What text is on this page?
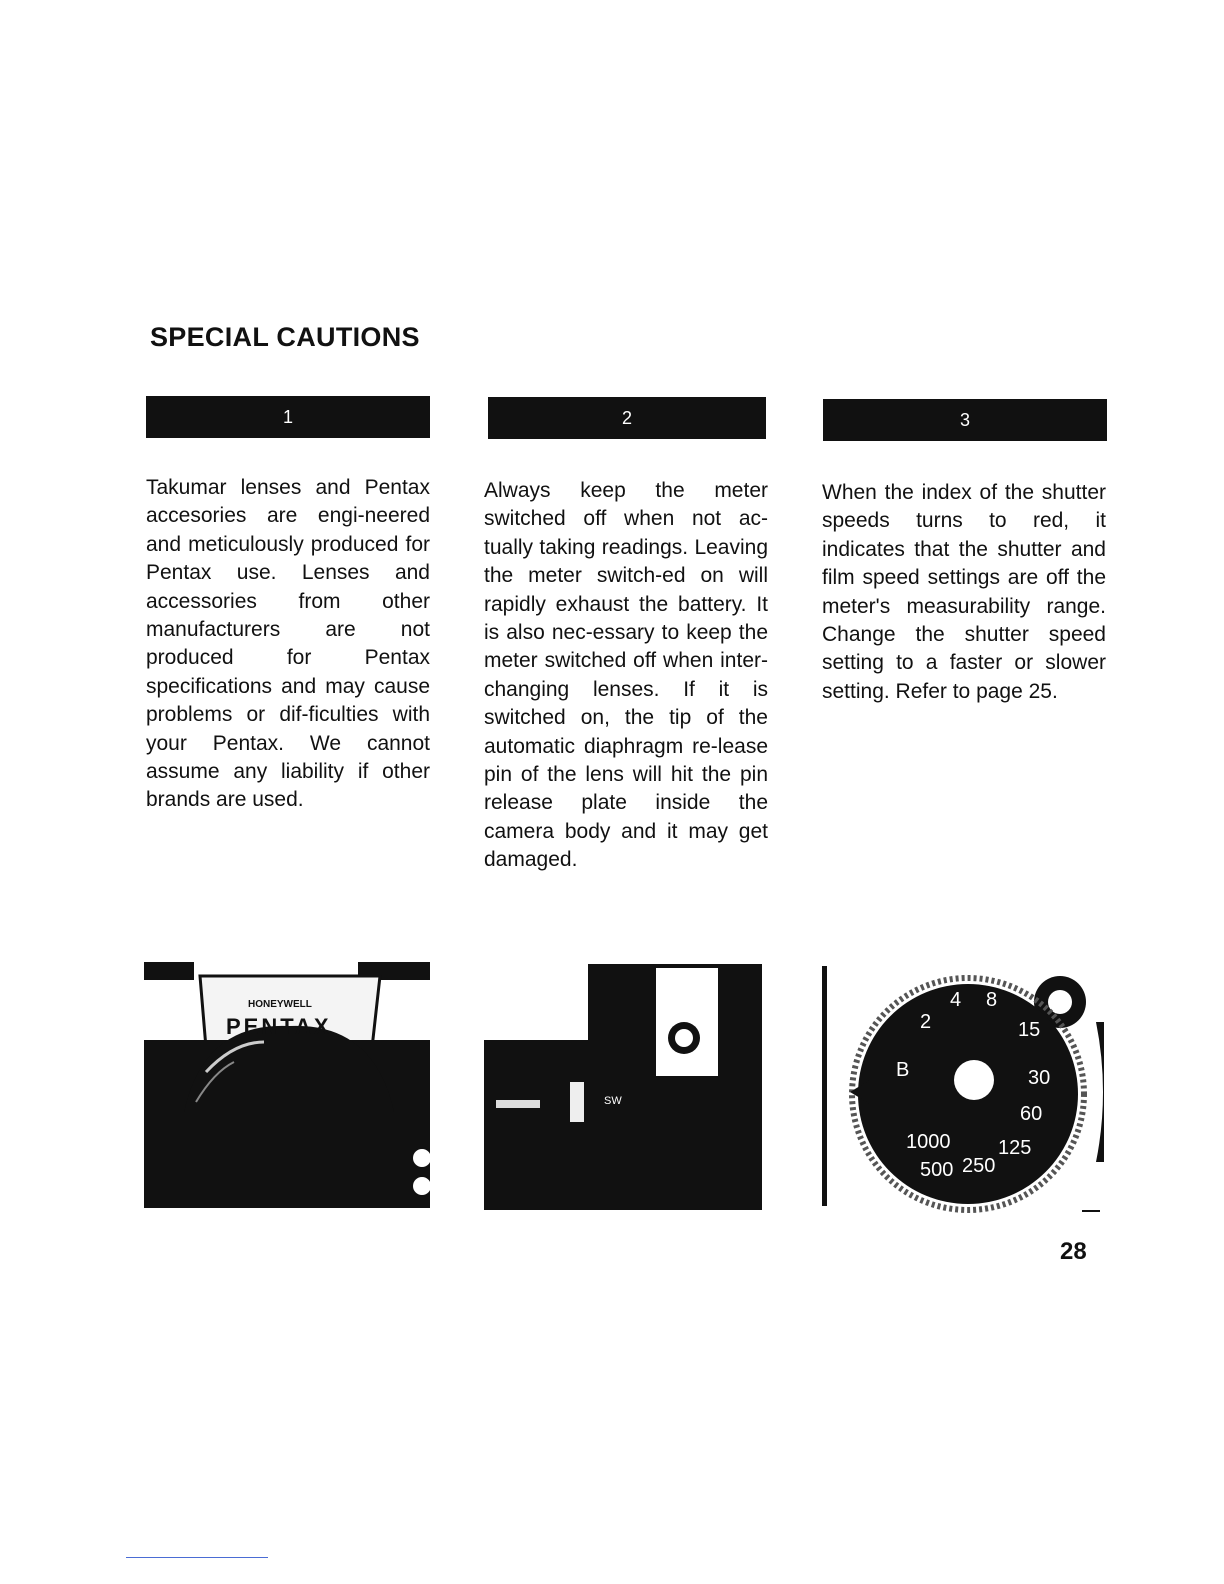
SPECIAL CAUTIONS
1	2	3

Takumar lenses and Pentax accesories are engi-neered and meticulously produced for Pentax use. Lenses and accessories from other manufacturers are not produced for Pentax specifications and may cause problems or dif-ficulties with your Pentax. We cannot assume any liability if other brands are used.

Always keep the meter switched off when not ac-tually taking readings. Leaving the meter switch-ed on will rapidly exhaust the battery. It is also nec-essary to keep the meter switched off when inter-changing lenses. If it is switched on, the tip of the automatic diaphragm re-lease pin of the lens will hit the pin release plate inside the camera body and it may get damaged.

When the index of the shutter speeds turns to red, it indicates that the shutter and film speed settings are off the meter's measurability range. Change the shutter speed setting to a faster or slower setting. Refer to page 25.

HONEYWELL
PENTAX
SW
8
15
30
60
125
250
500
1000
4
2
B
28
